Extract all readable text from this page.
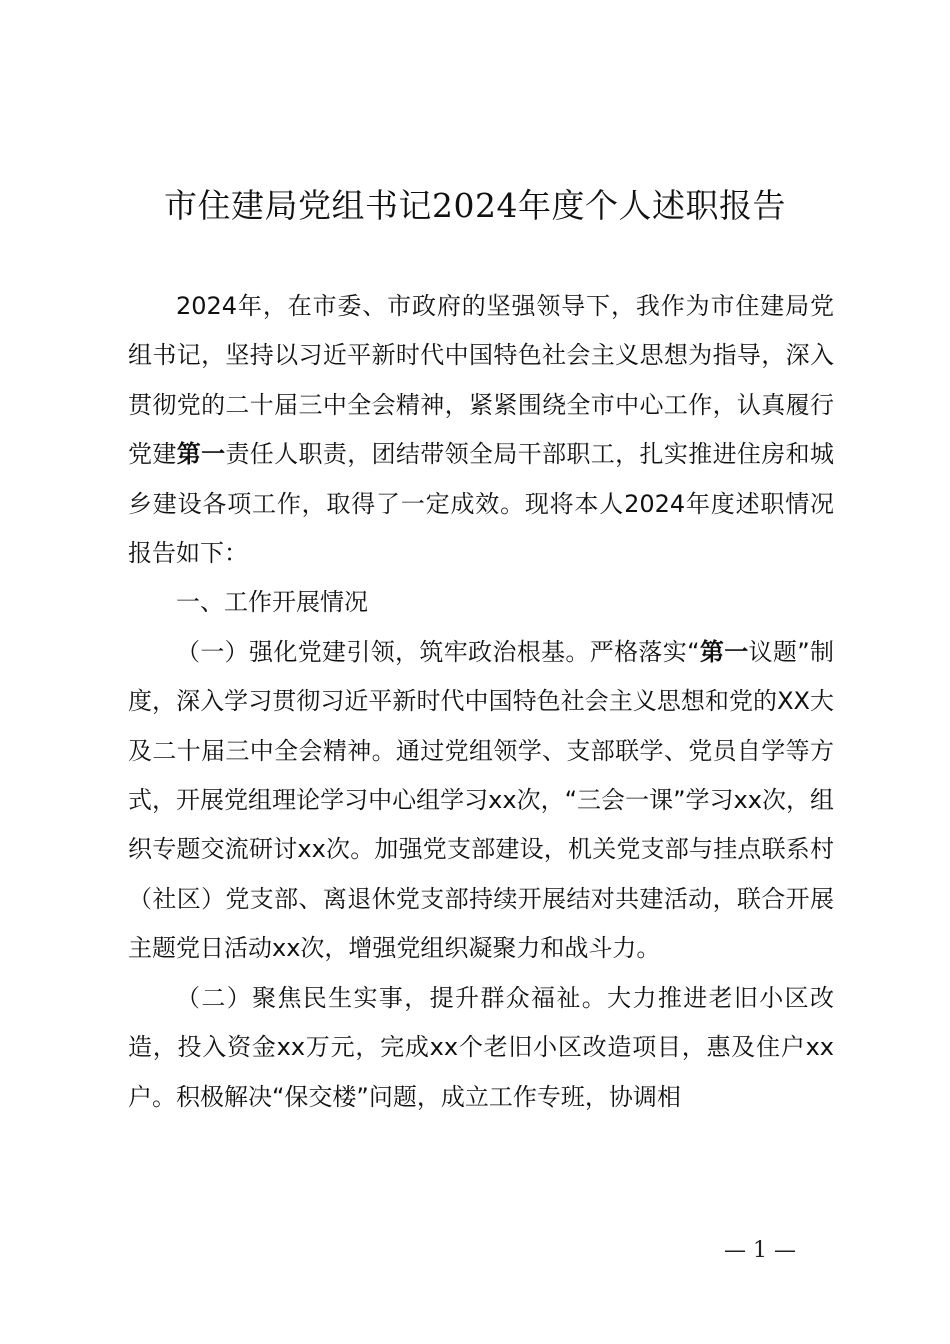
市住建局党组书记2024年度个人述职报告

2024年，在市委、市政府的坚强领导下，我作为市住建局党组书记，坚持以习近平新时代中国特色社会主义思想为指导，深入贯彻党的二十届三中全会精神，紧紧围绕全市中心工作，认真履行党建第一责任人职责，团结带领全局干部职工，扎实推进住房和城乡建设各项工作，取得了一定成效。现将本人2024年度述职情况报告如下：

一、工作开展情况

（一）强化党建引领，筑牢政治根基。严格落实“第一议题”制度，深入学习贯彻习近平新时代中国特色社会主义思想和党的XX大及二十届三中全会精神。通过党组领学、支部联学、党员自学等方式，开展党组理论学习中心组学习xx次，“三会一课”学习xx次，组织专题交流研讨xx次。加强党支部建设，机关党支部与挂点联系村（社区）党支部、离退休党支部持续开展结对共建活动，联合开展主题党日活动xx次，增强党组织凝聚力和战斗力。

（二）聚焦民生实事，提升群众福祉。大力推进老旧小区改造，投入资金xx万元，完成xx个老旧小区改造项目，惠及住户xx户。积极解决“保交楼”问题，成立工作专班，协调相

— 1 —
